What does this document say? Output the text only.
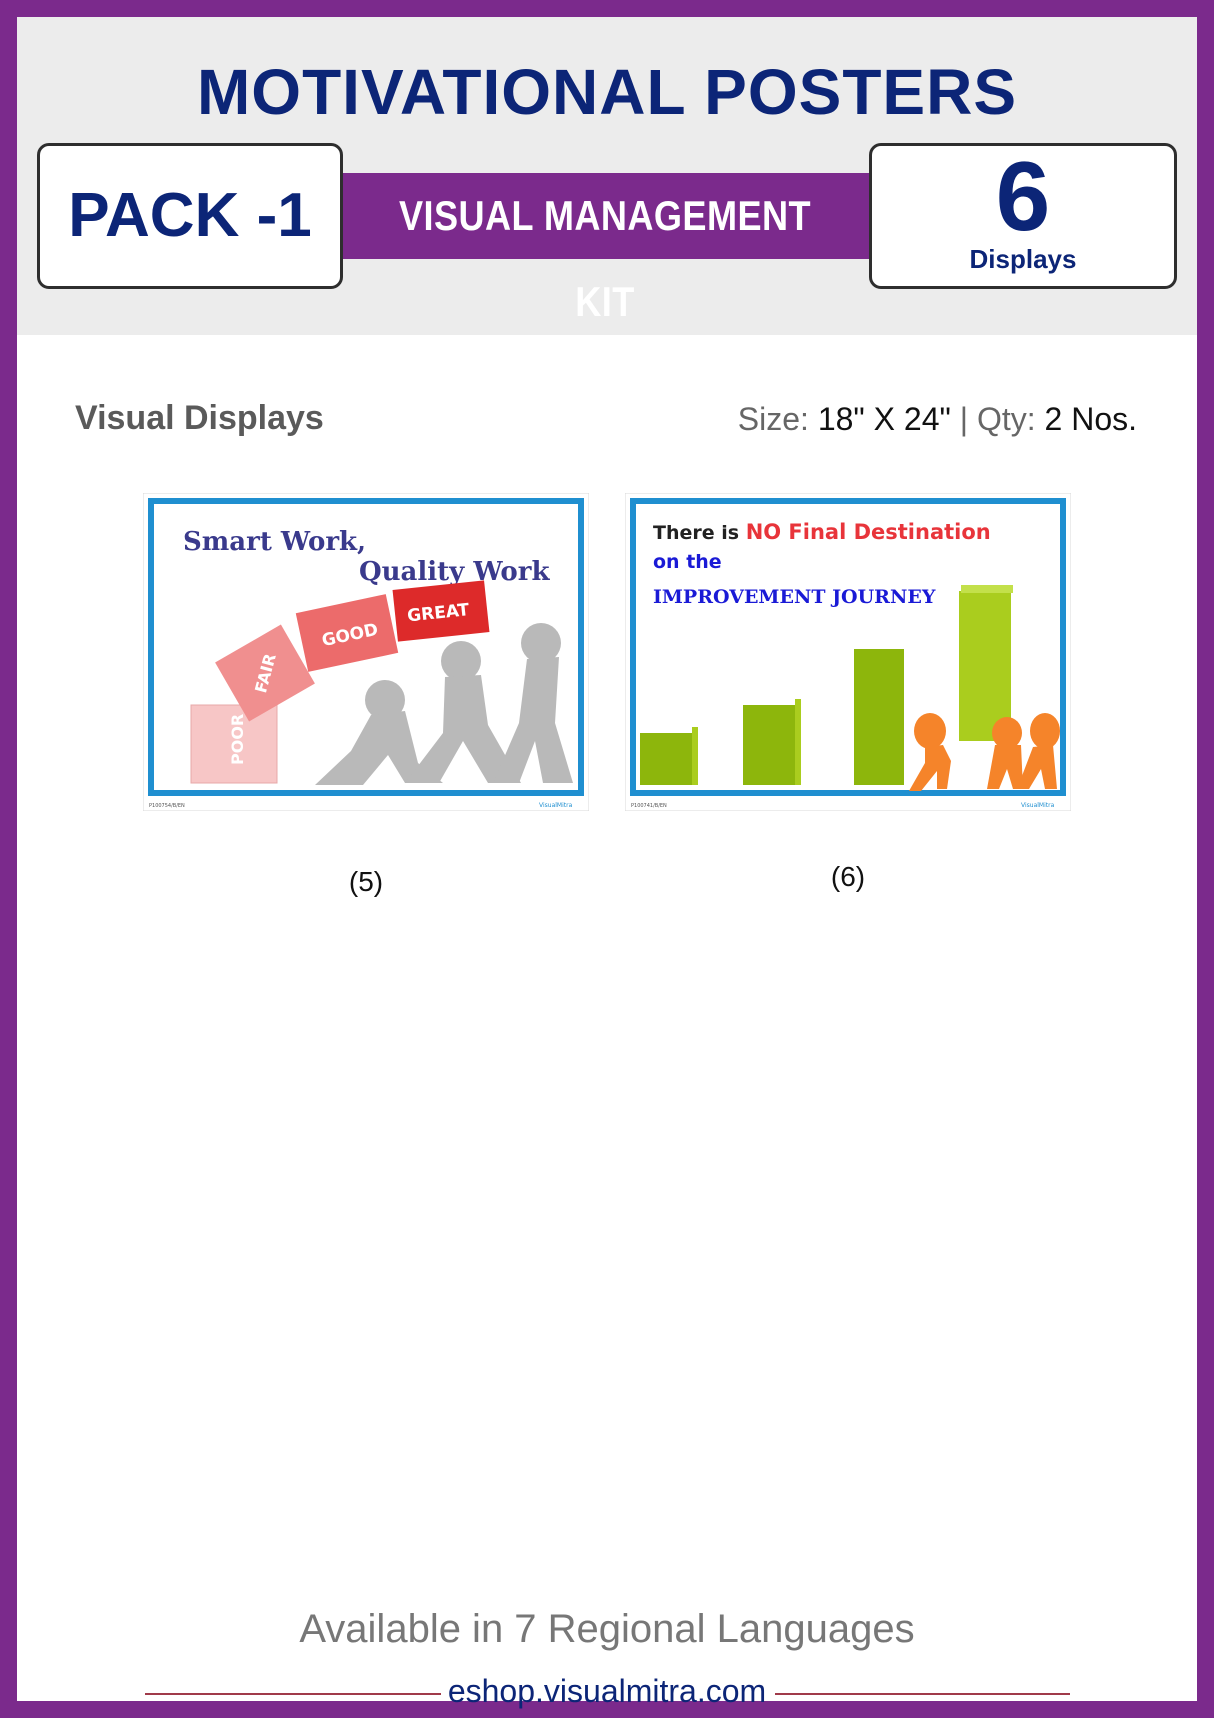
MOTIVATIONAL POSTERS
VISUAL MANAGEMENT KIT
PACK -1	6
Displays
Visual Displays	Size: 18" X 24" | Qty: 2 Nos.
Smart Work,
Quality Work
POOR
FAIR
GOOD
GREAT
P100754/B/EN	VisualMitra
There is NO Final Destination
on the
IMPROVEMENT JOURNEY
P100741/B/EN	VisualMitra
(5)	(6)
Available in 7 Regional Languages
eshop.visualmitra.com
